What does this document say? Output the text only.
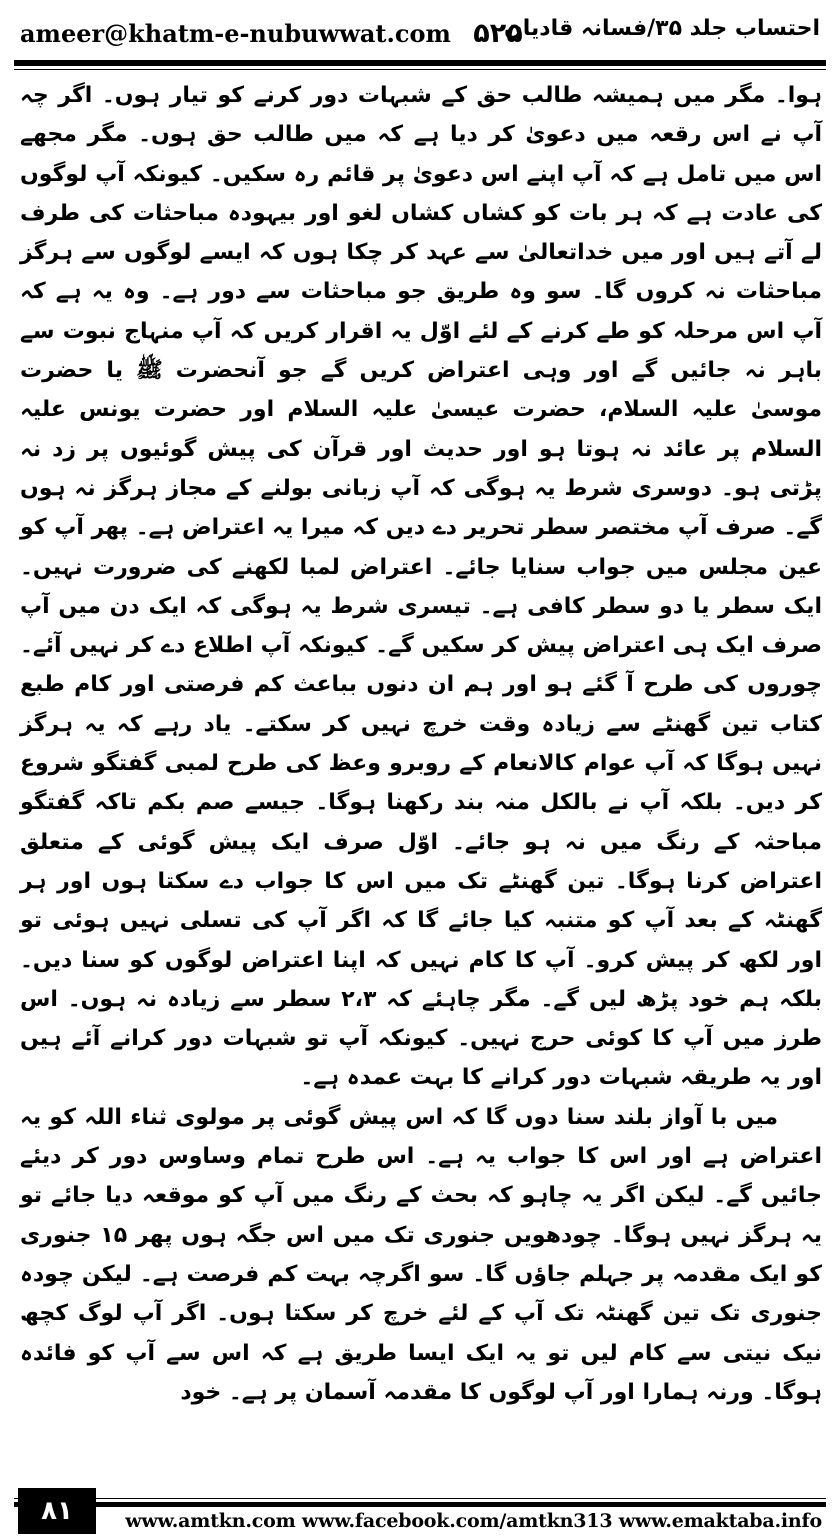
ameer@khatm-e-nubuwwat.com ۵۲۵
احتساب جلد ۳۵/فسانہ قادیان

ہوا۔ مگر میں ہمیشہ طالب حق کے شبہات دور کرنے کو تیار ہوں۔ اگر چہ آپ نے اس رقعہ میں دعویٰ کر دیا ہے کہ میں طالب حق ہوں۔ مگر مجھے اس میں تامل ہے کہ آپ اپنے اس دعویٰ پر قائم رہ سکیں۔ کیونکہ آپ لوگوں کی عادت ہے کہ ہر بات کو کشاں کشاں لغو اور بیہودہ مباحثات کی طرف لے آتے ہیں اور میں خداتعالیٰ سے عہد کر چکا ہوں کہ ایسے لوگوں سے ہرگز مباحثات نہ کروں گا۔ سو وہ طریق جو مباحثات سے دور ہے۔ وہ یہ ہے کہ آپ اس مرحلہ کو طے کرنے کے لئے اوّل یہ اقرار کریں کہ آپ منہاج نبوت سے باہر نہ جائیں گے اور وہی اعتراض کریں گے جو آنحضرت ﷺ یا حضرت موسیٰ علیہ السلام، حضرت عیسیٰ علیہ السلام اور حضرت یونس علیہ السلام پر عائد نہ ہوتا ہو اور حدیث اور قرآن کی پیش گوئیوں پر زد نہ پڑتی ہو۔ دوسری شرط یہ ہوگی کہ آپ زبانی بولنے کے مجاز ہرگز نہ ہوں گے۔ صرف آپ مختصر سطر تحریر دے دیں کہ میرا یہ اعتراض ہے۔ پھر آپ کو عین مجلس میں جواب سنایا جائے۔ اعتراض لمبا لکھنے کی ضرورت نہیں۔ ایک سطر یا دو سطر کافی ہے۔ تیسری شرط یہ ہوگی کہ ایک دن میں آپ صرف ایک ہی اعتراض پیش کر سکیں گے۔ کیونکہ آپ اطلاع دے کر نہیں آئے۔ چوروں کی طرح آ گئے ہو اور ہم ان دنوں بباعث کم فرصتی اور کام طبع کتاب تین گھنٹے سے زیادہ وقت خرچ نہیں کر سکتے۔ یاد رہے کہ یہ ہرگز نہیں ہوگا کہ آپ عوام کالانعام کے روبرو وعظ کی طرح لمبی گفتگو شروع کر دیں۔ بلکہ آپ نے بالکل منہ بند رکھنا ہوگا۔ جیسے صم بکم تاکہ گفتگو مباحثہ کے رنگ میں نہ ہو جائے۔ اوّل صرف ایک پیش گوئی کے متعلق اعتراض کرنا ہوگا۔ تین گھنٹے تک میں اس کا جواب دے سکتا ہوں اور ہر گھنٹہ کے بعد آپ کو متنبہ کیا جائے گا کہ اگر آپ کی تسلی نہیں ہوئی تو اور لکھ کر پیش کرو۔ آپ کا کام نہیں کہ اپنا اعتراض لوگوں کو سنا دیں۔ بلکہ ہم خود پڑھ لیں گے۔ مگر چاہئے کہ ۲،۳ سطر سے زیادہ نہ ہوں۔ اس طرز میں آپ کا کوئی حرج نہیں۔ کیونکہ آپ تو شبہات دور کرانے آئے ہیں اور یہ طریقہ شبہات دور کرانے کا بہت عمدہ ہے۔

میں با آواز بلند سنا دوں گا کہ اس پیش گوئی پر مولوی ثناء اللہ کو یہ اعتراض ہے اور اس کا جواب یہ ہے۔ اس طرح تمام وساوس دور کر دیئے جائیں گے۔ لیکن اگر یہ چاہو کہ بحث کے رنگ میں آپ کو موقعہ دیا جائے تو یہ ہرگز نہیں ہوگا۔ چودھویں جنوری تک میں اس جگہ ہوں پھر ۱۵ جنوری کو ایک مقدمہ پر جہلم جاؤں گا۔ سو اگرچہ بہت کم فرصت ہے۔ لیکن چودہ جنوری تک تین گھنٹہ تک آپ کے لئے خرچ کر سکتا ہوں۔ اگر آپ لوگ کچھ نیک نیتی سے کام لیں تو یہ ایک ایسا طریق ہے کہ اس سے آپ کو فائدہ ہوگا۔ ورنہ ہمارا اور آپ لوگوں کا مقدمہ آسمان پر ہے۔ خود

۸۱	www.amtkn.com www.facebook.com/amtkn313 www.emaktaba.info
